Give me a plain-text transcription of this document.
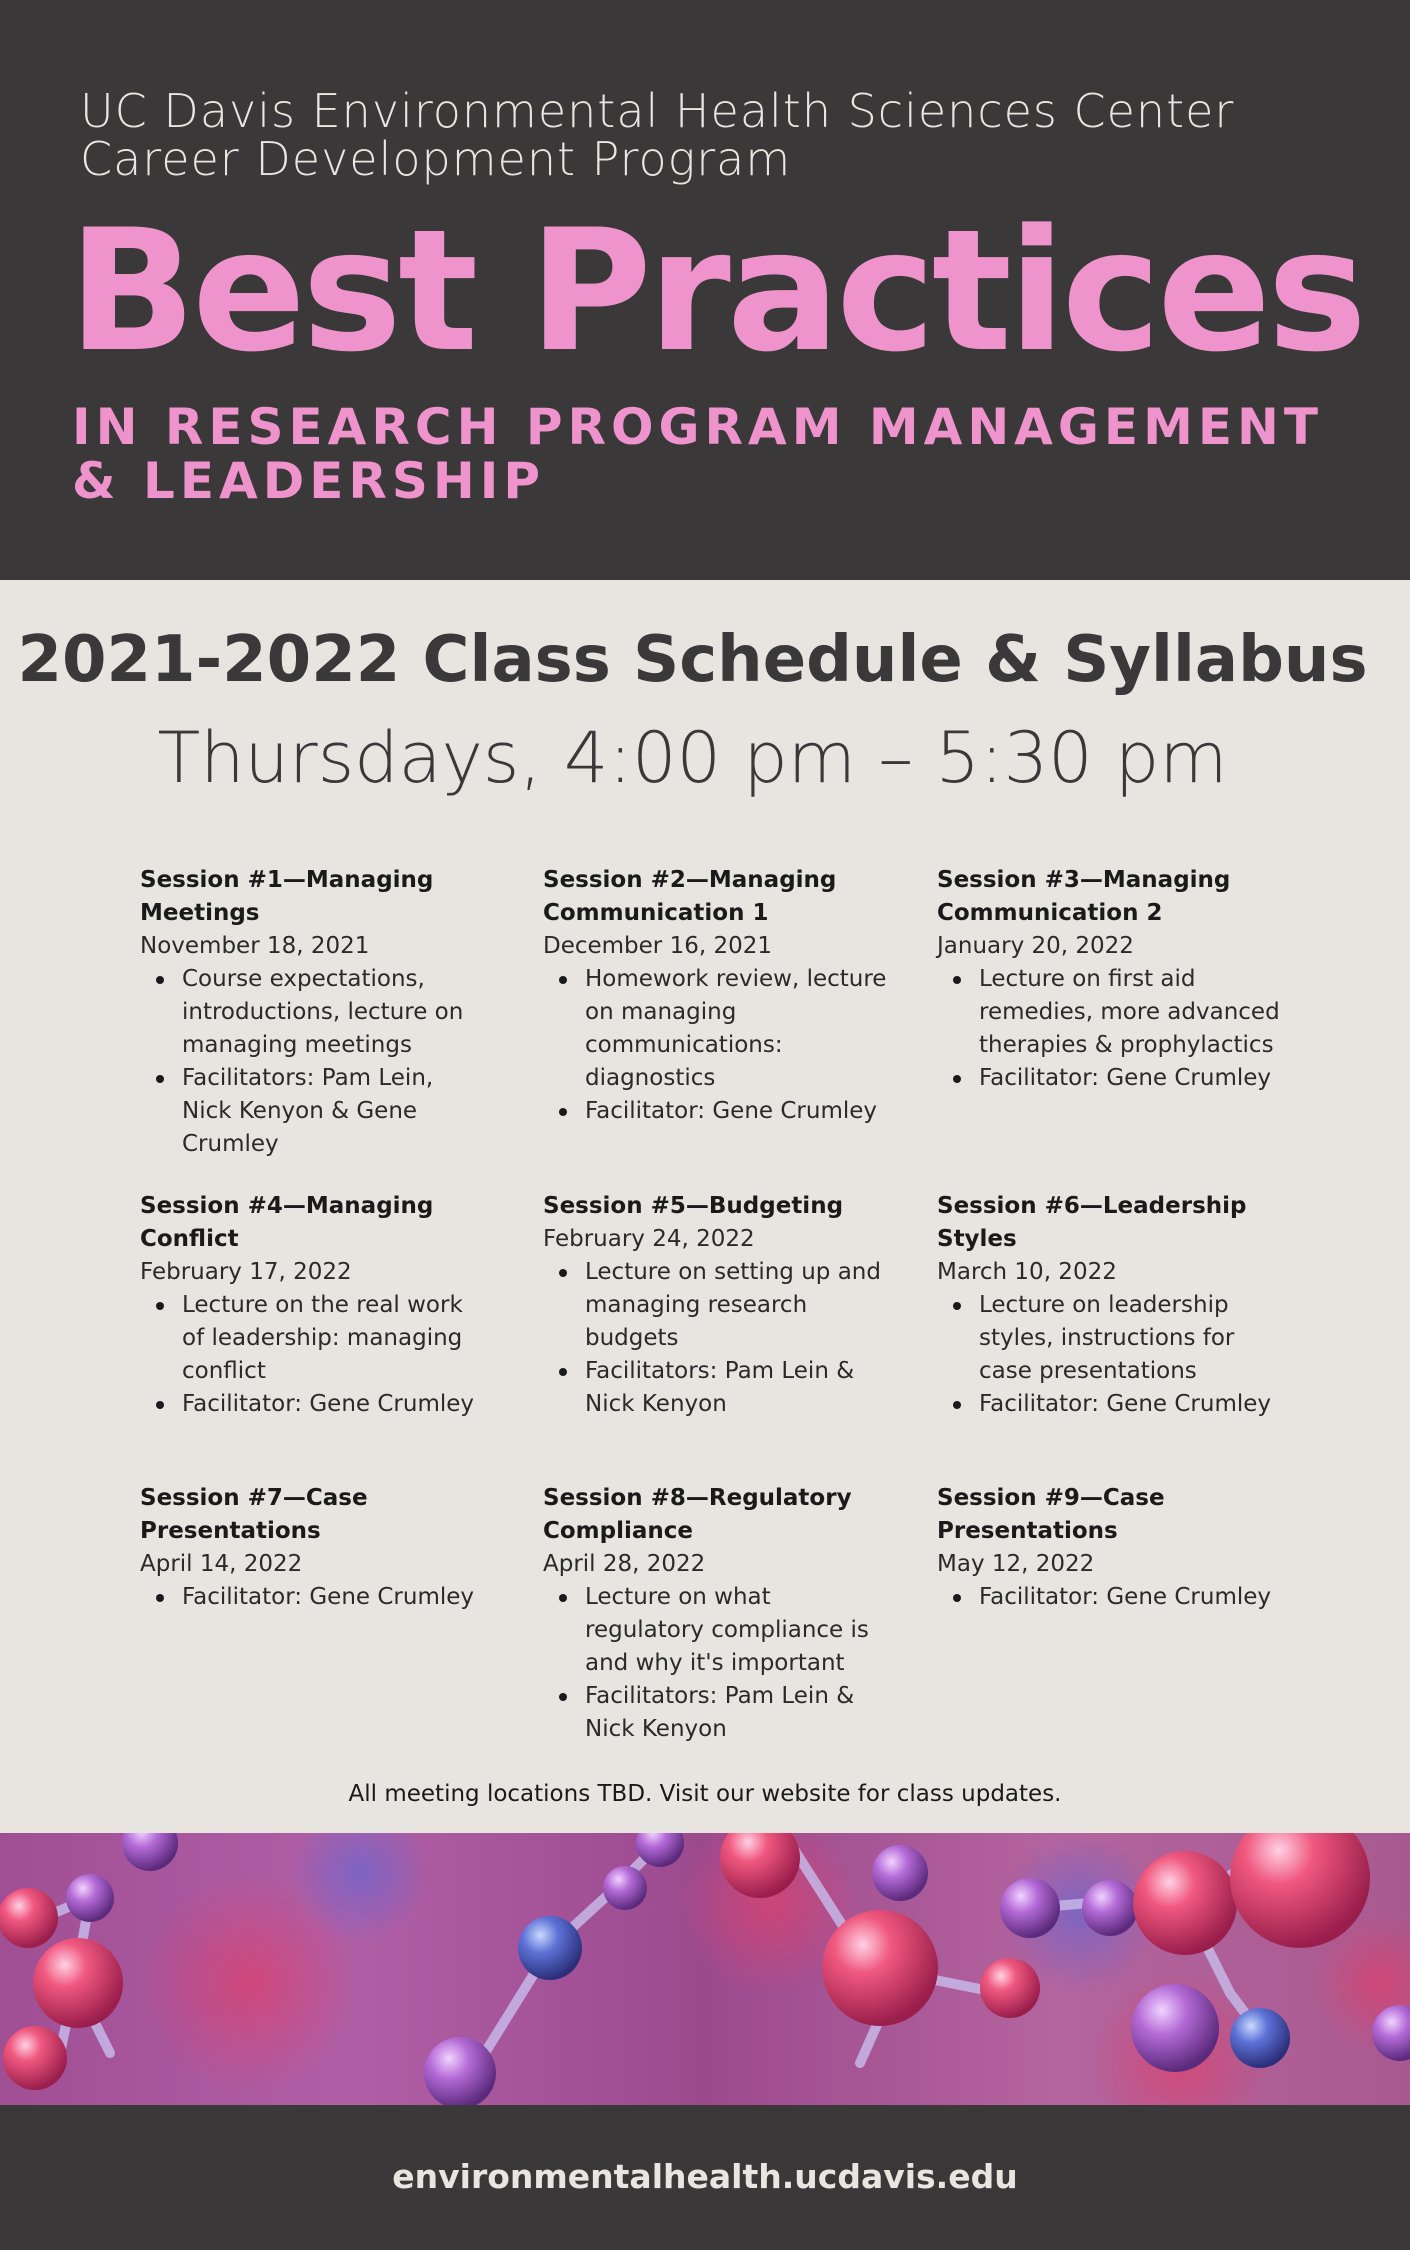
UC Davis Environmental Health Sciences Center
Career Development Program
Best Practices
IN RESEARCH PROGRAM MANAGEMENT
& LEADERSHIP
2021-2022 Class Schedule & Syllabus
Thursdays, 4:00 pm – 5:30 pm
Session #1—Managing Meetings
November 18, 2021
Course expectations, introductions, lecture on managing meetings
Facilitators: Pam Lein, Nick Kenyon & Gene Crumley
Session #2—Managing Communication 1
December 16, 2021
Homework review, lecture on managing communications: diagnostics
Facilitator: Gene Crumley
Session #3—Managing Communication 2
January 20, 2022
Lecture on first aid remedies, more advanced therapies & prophylactics
Facilitator: Gene Crumley
Session #4—Managing Conflict
February 17, 2022
Lecture on the real work of leadership: managing conflict
Facilitator: Gene Crumley
Session #5—Budgeting
February 24, 2022
Lecture on setting up and managing research budgets
Facilitators: Pam Lein & Nick Kenyon
Session #6—Leadership Styles
March 10, 2022
Lecture on leadership styles, instructions for case presentations
Facilitator: Gene Crumley
Session #7—Case Presentations
April 14, 2022
Facilitator: Gene Crumley
Session #8—Regulatory Compliance
April 28, 2022
Lecture on what regulatory compliance is and why it's important
Facilitators: Pam Lein & Nick Kenyon
Session #9—Case Presentations
May 12, 2022
Facilitator: Gene Crumley
All meeting locations TBD. Visit our website for class updates.
environmentalhealth.ucdavis.edu
